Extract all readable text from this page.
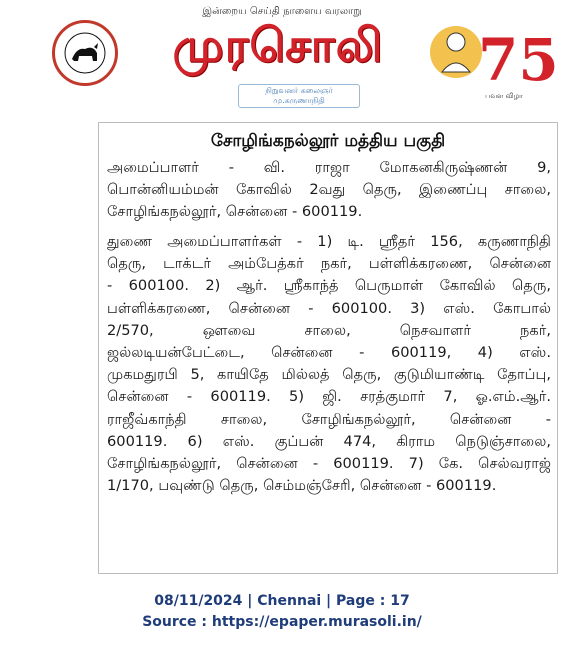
இன்றைய செய்தி நாளைய வரலாறு
முரசொலி
நிறுவனர் கலைஞர் மு.கருணாநிதி
75
பவள விழா
சோழிங்கநல்லூர் மத்திய பகுதி
அமைப்பாளர் - வி. ராஜா மோகனகிருஷ்ணன் 9,
பொன்னியம்மன் கோவில் 2வது தெரு, இணைப்பு சாலை,
சோழிங்கநல்லூர், சென்னை - 600119.
துணை அமைப்பாளர்கள் - 1) டி. ஸ்ரீதர் 156, கருணாநிதி
தெரு, டாக்டர் அம்பேத்கர் நகர், பள்ளிக்கரணை, சென்னை
- 600100. 2) ஆர். ஸ்ரீகாந்த் பெருமாள் கோவில் தெரு,
பள்ளிக்கரணை, சென்னை - 600100. 3) எஸ். கோபால்
2/570, ஔவை சாலை, நெசவாளர் நகர்,
ஜல்லடியன்பேட்டை, சென்னை - 600119, 4) எஸ்.
முகமதுரபி 5, காயிதே மில்லத் தெரு, குடுமியாண்டி தோப்பு,
சென்னை - 600119. 5) ஜி. சரத்குமார் 7, ஓ.எம்.ஆர்.
ராஜீவ்காந்தி சாலை, சோழிங்கநல்லூர், சென்னை -
600119. 6) எஸ். குப்பன் 474, கிராம நெடுஞ்சாலை,
சோழிங்கநல்லூர், சென்னை - 600119. 7) கே. செல்வராஜ்
1/170, பவுண்டு தெரு, செம்மஞ்சேரி, சென்னை - 600119.
08/11/2024 | Chennai | Page : 17
Source : https://epaper.murasoli.in/
